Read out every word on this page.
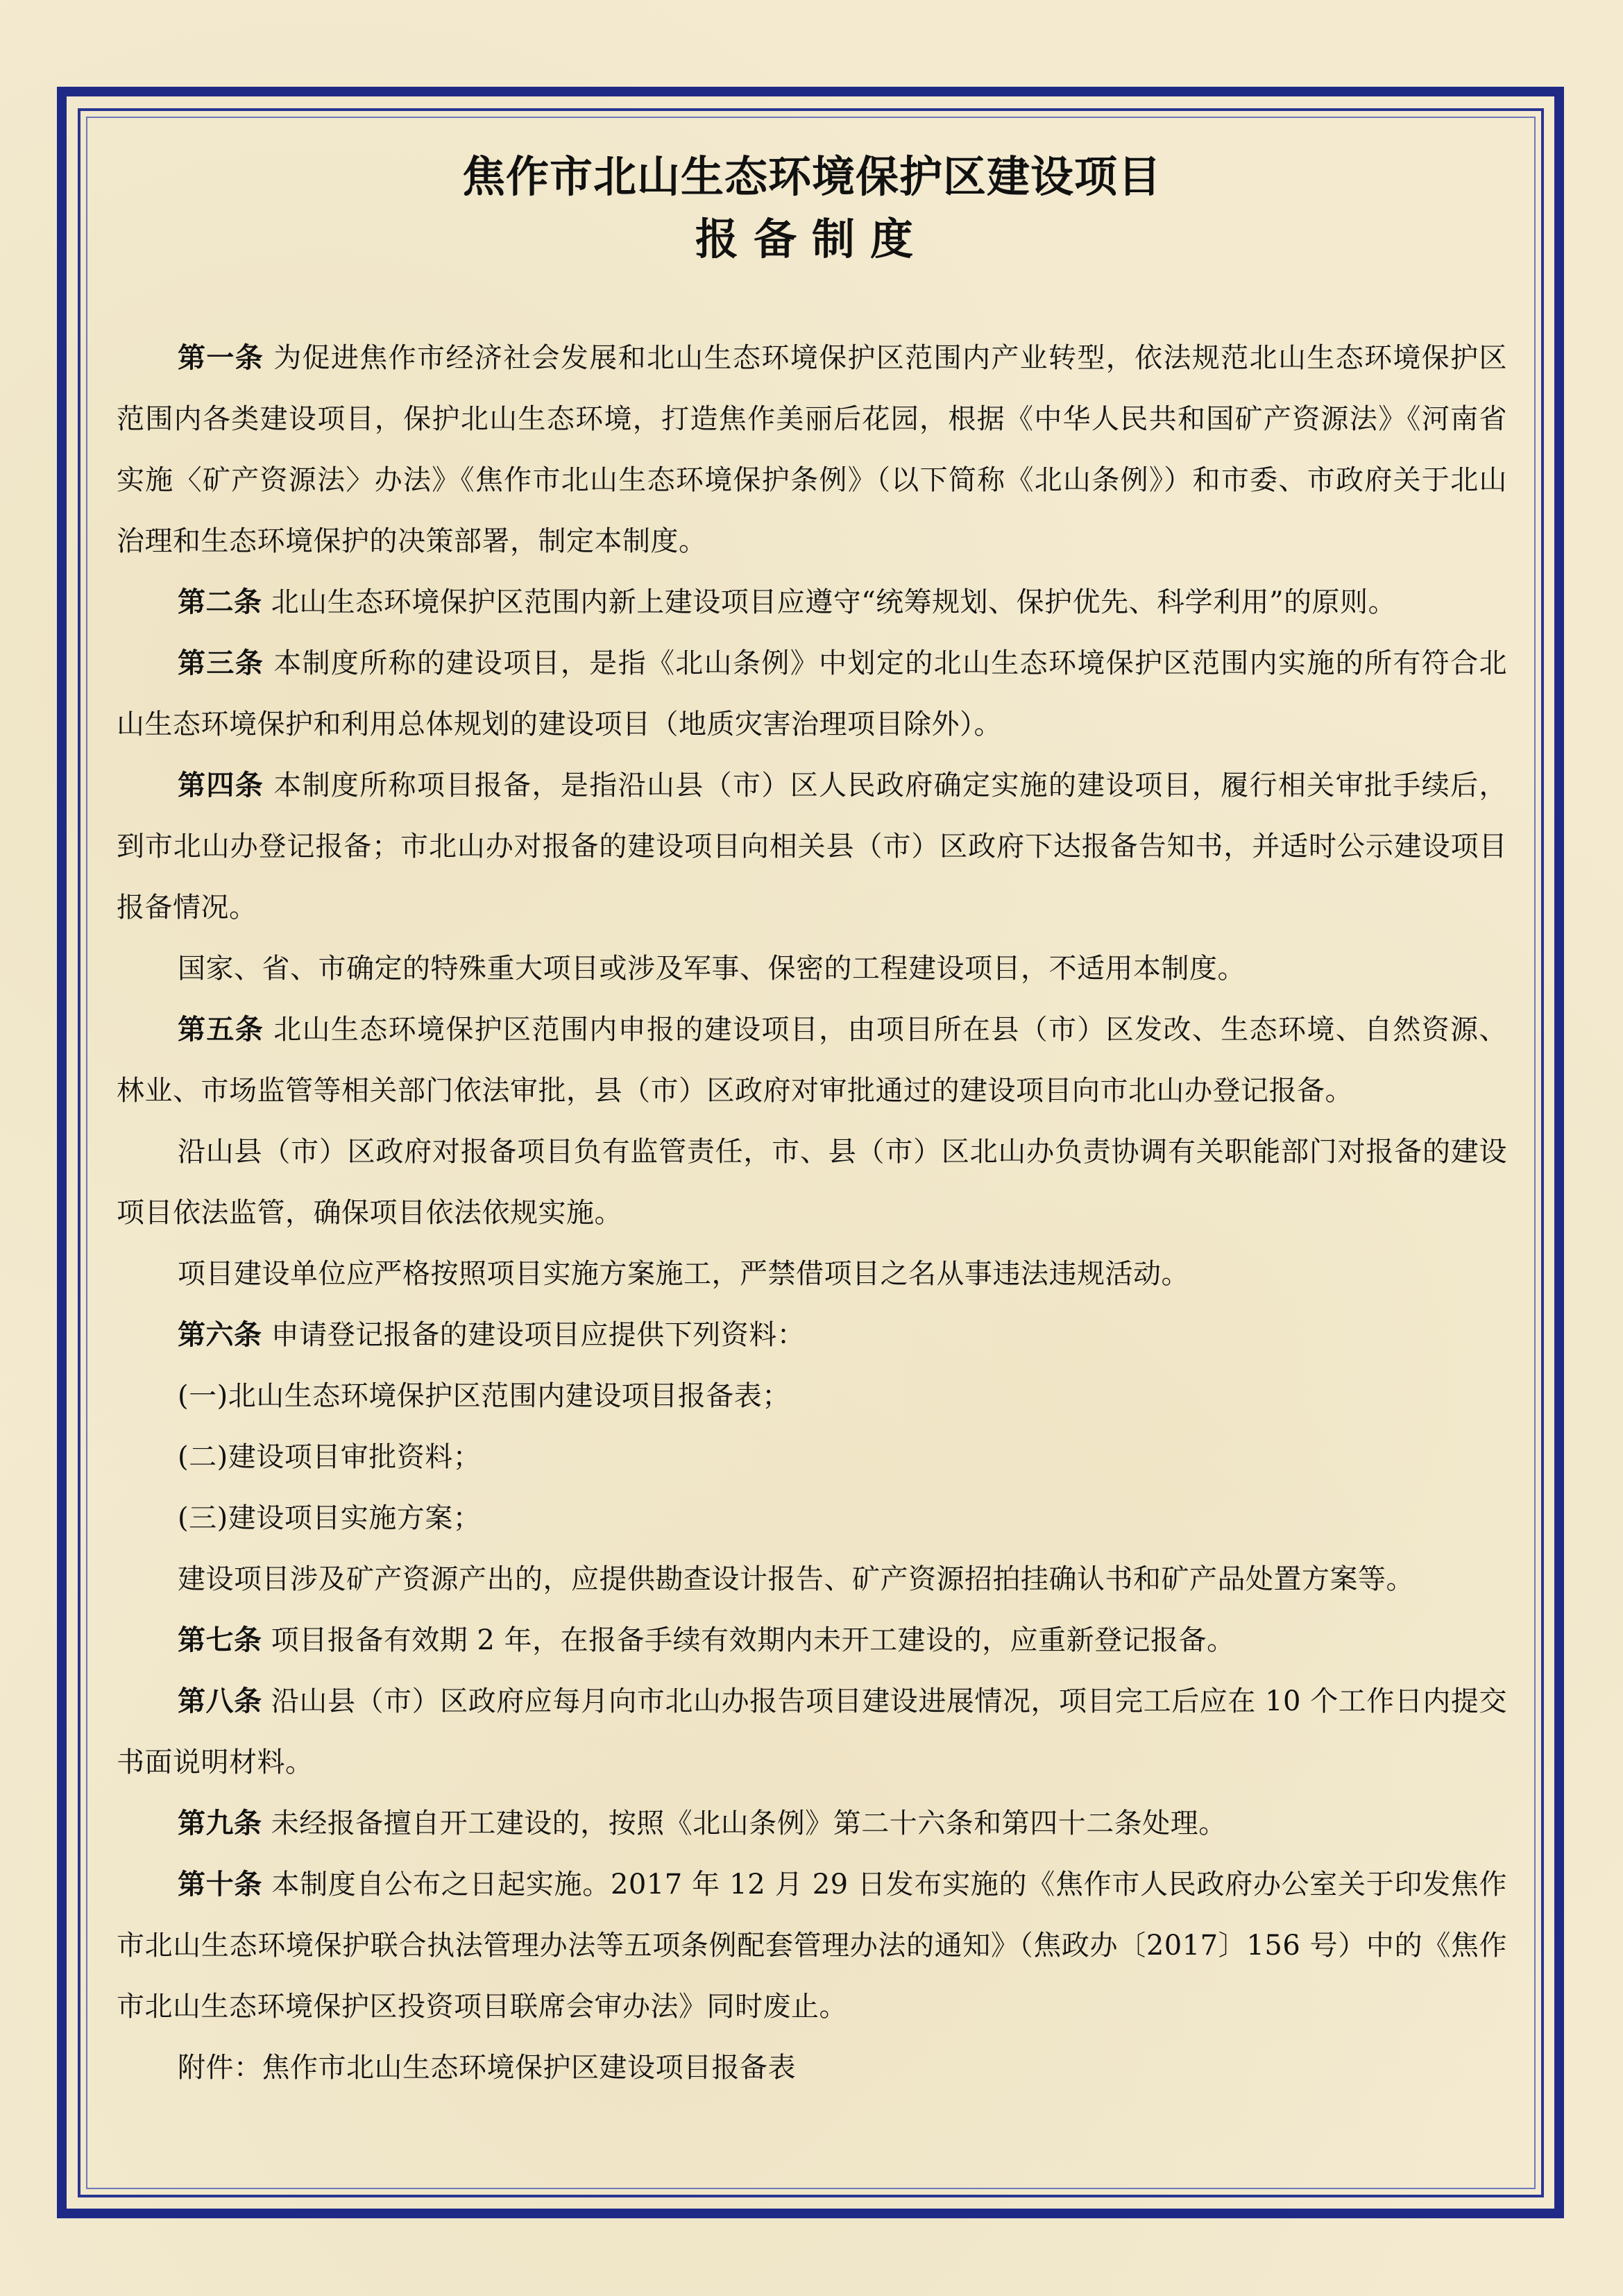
焦作市北山生态环境保护区建设项目
报备制度

第一条 为促进焦作市经济社会发展和北山生态环境保护区范围内产业转型，依法规范北山生态环境保护区范围内各类建设项目，保护北山生态环境，打造焦作美丽后花园，根据《中华人民共和国矿产资源法》《河南省实施〈矿产资源法〉办法》《焦作市北山生态环境保护条例》（以下简称《北山条例》）和市委、市政府关于北山治理和生态环境保护的决策部署，制定本制度。

第二条 北山生态环境保护区范围内新上建设项目应遵守“统筹规划、保护优先、科学利用”的原则。

第三条 本制度所称的建设项目，是指《北山条例》中划定的北山生态环境保护区范围内实施的所有符合北山生态环境保护和利用总体规划的建设项目（地质灾害治理项目除外）。

第四条 本制度所称项目报备，是指沿山县（市）区人民政府确定实施的建设项目，履行相关审批手续后，到市北山办登记报备；市北山办对报备的建设项目向相关县（市）区政府下达报备告知书，并适时公示建设项目报备情况。

国家、省、市确定的特殊重大项目或涉及军事、保密的工程建设项目，不适用本制度。

第五条 北山生态环境保护区范围内申报的建设项目，由项目所在县（市）区发改、生态环境、自然资源、林业、市场监管等相关部门依法审批，县（市）区政府对审批通过的建设项目向市北山办登记报备。

沿山县（市）区政府对报备项目负有监管责任，市、县（市）区北山办负责协调有关职能部门对报备的建设项目依法监管，确保项目依法依规实施。

项目建设单位应严格按照项目实施方案施工，严禁借项目之名从事违法违规活动。

第六条 申请登记报备的建设项目应提供下列资料：

(一)北山生态环境保护区范围内建设项目报备表；

(二)建设项目审批资料；

(三)建设项目实施方案；

建设项目涉及矿产资源产出的，应提供勘查设计报告、矿产资源招拍挂确认书和矿产品处置方案等。

第七条 项目报备有效期 2 年，在报备手续有效期内未开工建设的，应重新登记报备。

第八条 沿山县（市）区政府应每月向市北山办报告项目建设进展情况，项目完工后应在 10 个工作日内提交书面说明材料。

第九条 未经报备擅自开工建设的，按照《北山条例》第二十六条和第四十二条处理。

第十条 本制度自公布之日起实施。2017 年 12 月 29 日发布实施的《焦作市人民政府办公室关于印发焦作市北山生态环境保护联合执法管理办法等五项条例配套管理办法的通知》（焦政办〔2017〕156 号）中的《焦作市北山生态环境保护区投资项目联席会审办法》同时废止。

附件：焦作市北山生态环境保护区建设项目报备表
